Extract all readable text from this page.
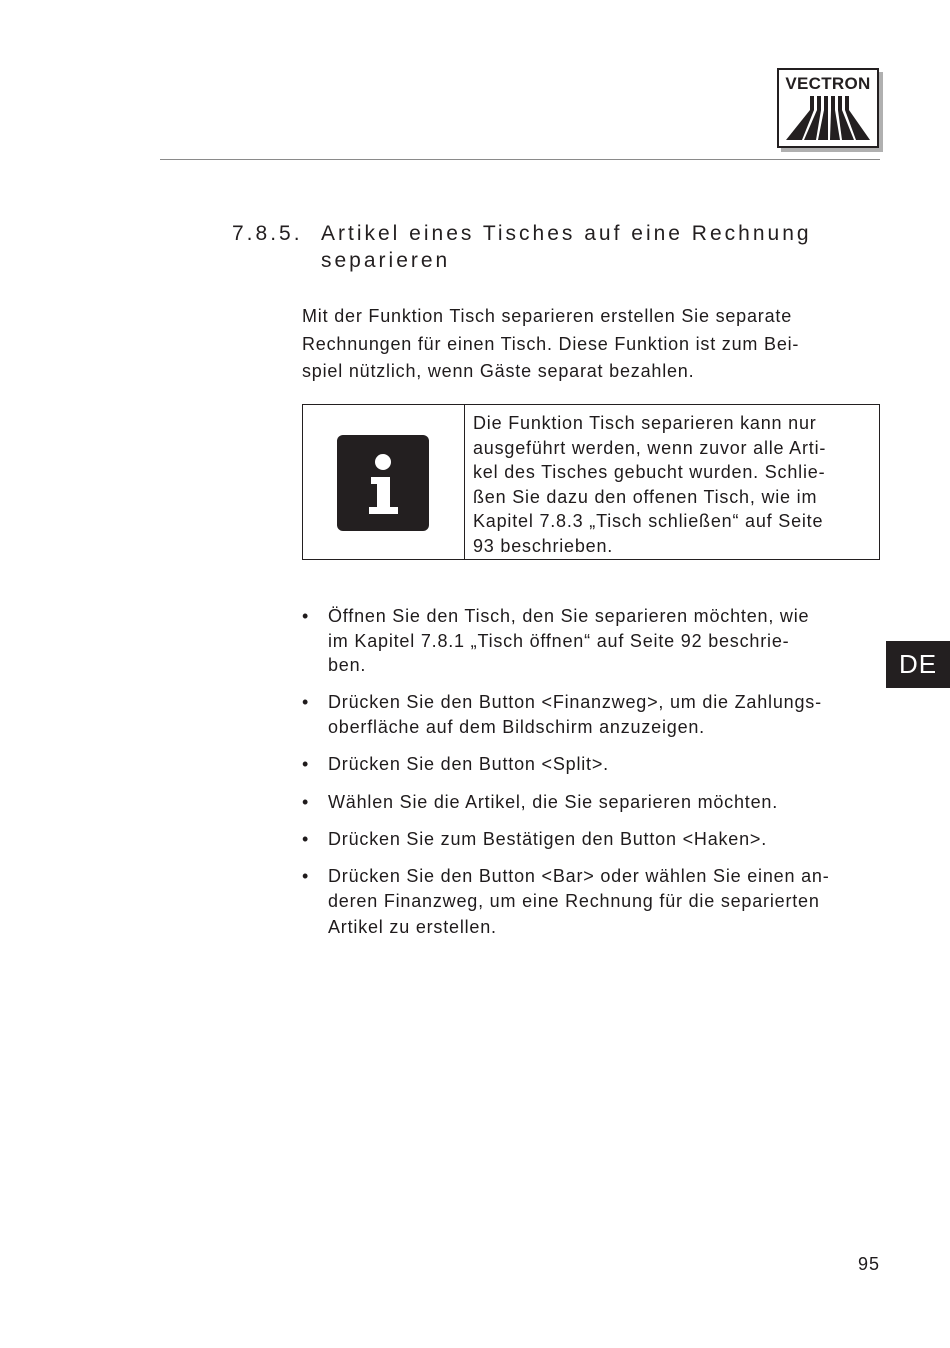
VECTRON
7.8.5. Artikel eines Tisches auf eine Rechnung
separieren
Mit der Funktion Tisch separieren erstellen Sie separate
Rechnungen für einen Tisch. Diese Funktion ist zum Bei-
spiel nützlich, wenn Gäste separat bezahlen.
Die Funktion Tisch separieren kann nur
ausgeführt werden, wenn zuvor alle Arti-
kel des Tisches gebucht wurden. Schlie-
ßen Sie dazu den offenen Tisch, wie im
Kapitel 7.8.3 „Tisch schließen“ auf Seite
93 beschrieben.
• Öffnen Sie den Tisch, den Sie separieren möchten, wie
im Kapitel 7.8.1 „Tisch öffnen“ auf Seite 92 beschrie-
ben.
• Drücken Sie den Button <Finanzweg>, um die Zahlungs-
oberfläche auf dem Bildschirm anzuzeigen.
• Drücken Sie den Button <Split>.
• Wählen Sie die Artikel, die Sie separieren möchten.
• Drücken Sie zum Bestätigen den Button <Haken>.
• Drücken Sie den Button <Bar> oder wählen Sie einen an-
deren Finanzweg, um eine Rechnung für die separierten
Artikel zu erstellen.
DE
95
